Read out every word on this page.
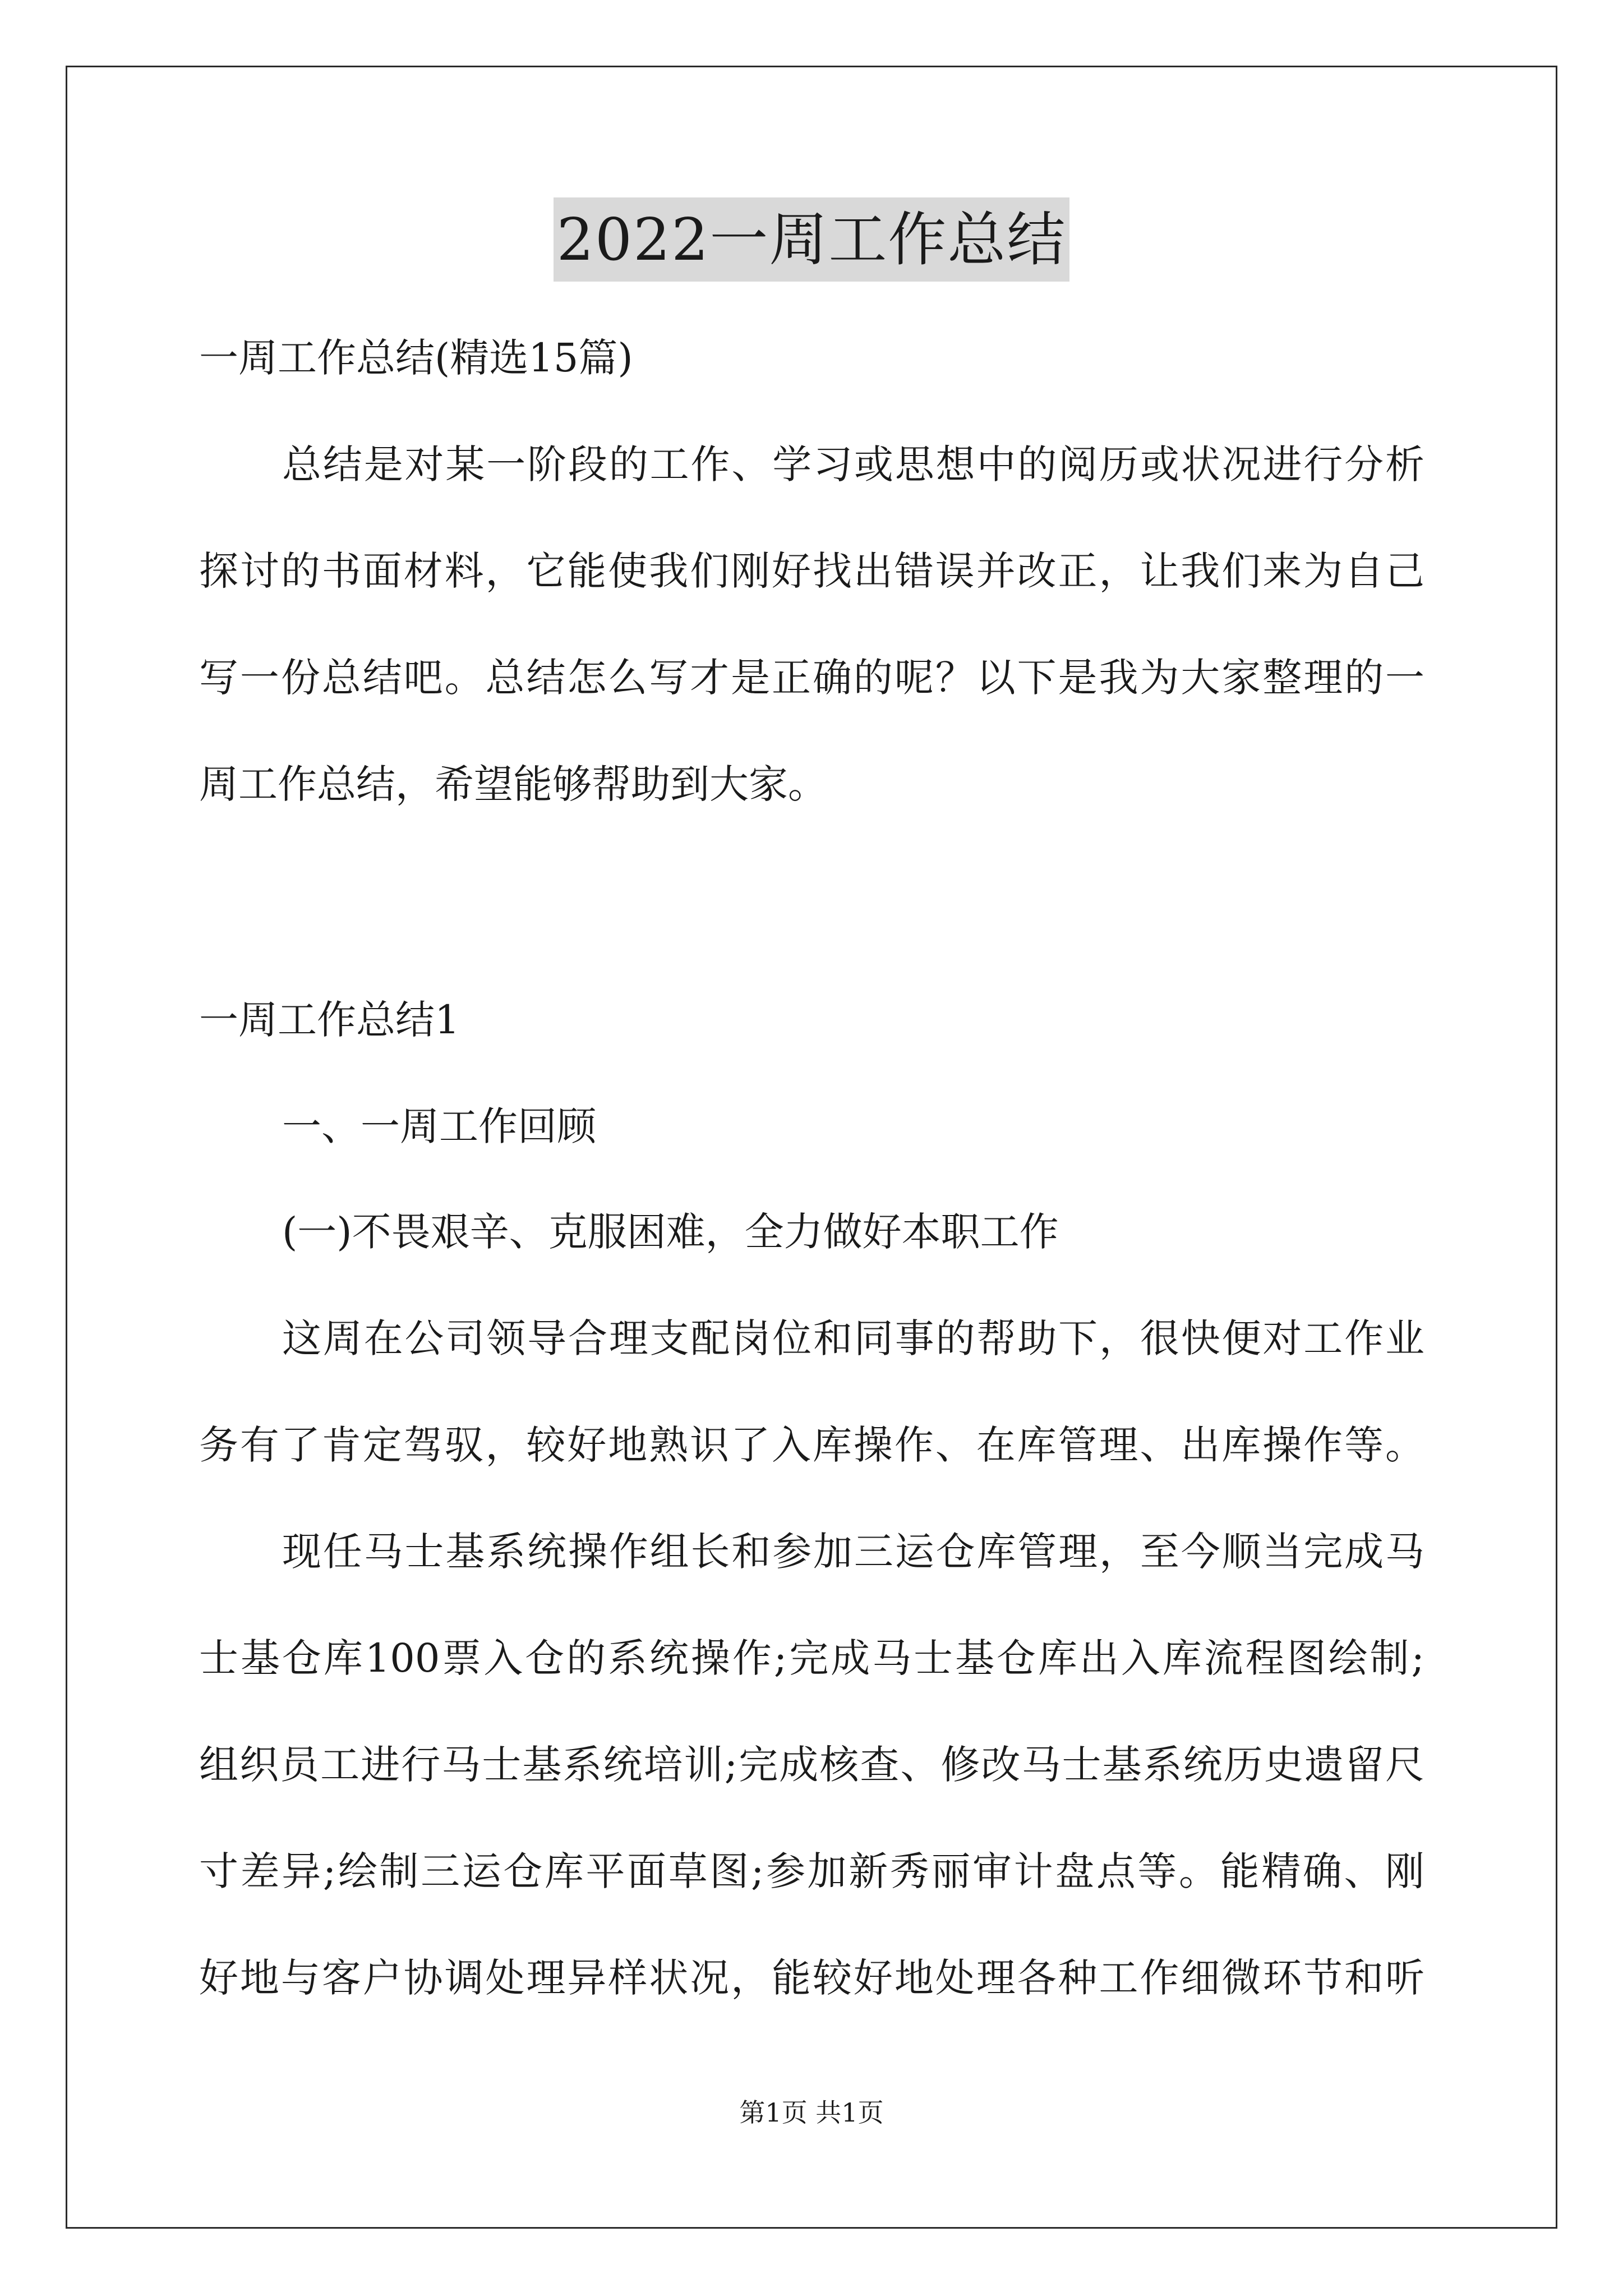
2022一周工作总结
一周工作总结(精选15篇)
总结是对某一阶段的工作、学习或思想中的阅历或状况进行分析
探讨的书面材料，它能使我们刚好找出错误并改正，让我们来为自己
写一份总结吧。总结怎么写才是正确的呢？以下是我为大家整理的一
周工作总结，希望能够帮助到大家。
一周工作总结1
一、一周工作回顾
(一)不畏艰辛、克服困难，全力做好本职工作
这周在公司领导合理支配岗位和同事的帮助下，很快便对工作业
务有了肯定驾驭，较好地熟识了入库操作、在库管理、出库操作等。
现任马士基系统操作组长和参加三运仓库管理，至今顺当完成马
士基仓库100票入仓的系统操作;完成马士基仓库出入库流程图绘制;
组织员工进行马士基系统培训;完成核查、修改马士基系统历史遗留尺
寸差异;绘制三运仓库平面草图;参加新秀丽审计盘点等。能精确、刚
好地与客户协调处理异样状况，能较好地处理各种工作细微环节和听
第1页 共1页
